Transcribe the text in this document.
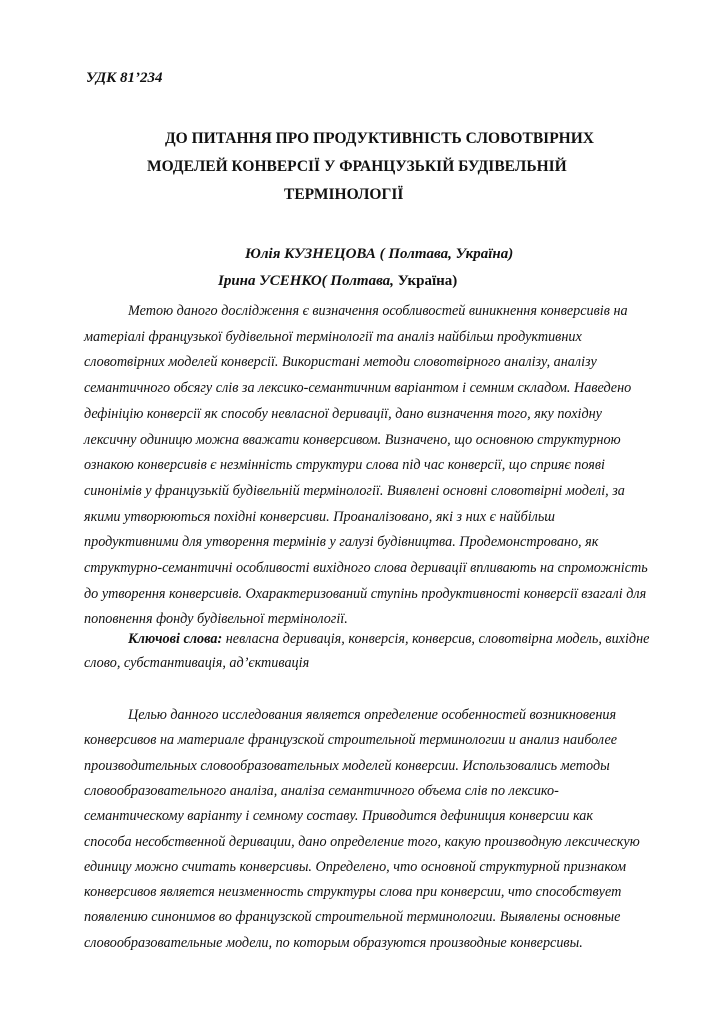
УДК 81’234
ДО ПИТАННЯ ПРО ПРОДУКТИВНІСТЬ СЛОВОТВІРНИХ
МОДЕЛЕЙ КОНВЕРСІЇ У ФРАНЦУЗЬКІЙ БУДІВЕЛЬНІЙ
ТЕРМІНОЛОГІЇ
Юлія КУЗНЕЦОВА ( Полтава, Україна)
Ірина УСЕНКО( Полтава, Україна)
Метою даного дослідження є визначення особливостей виникнення конверсивів на
матеріалі французької будівельної термінології та аналіз найбільш продуктивних
словотвірних моделей конверсії. Використані методи словотвірного аналізу, аналізу
семантичного обсягу слів за лексико-семантичним варіантом і семним складом. Наведено
дефініцію конверсії як способу невласної деривації, дано визначення того, яку похідну
лексичну одиницю можна вважати конверсивом. Визначено, що основною структурною
ознакою конверсивів є незмінність структури слова під час конверсії, що сприяє появі
синонімів у французькій будівельній термінології. Виявлені основні словотвірні моделі, за
якими утворюються похідні конверсиви. Проаналізовано, які з них є найбільш
продуктивними для утворення термінів у галузі будівництва. Продемонстровано, як
структурно-семантичні особливості вихідного слова деривації впливають на спроможність
до утворення конверсивів. Охарактеризований ступінь продуктивності конверсії взагалі для
поповнення фонду будівельної термінології.
Ключові слова: невласна деривація, конверсія, конверсив, словотвірна модель, вихідне
слово, субстантивація, ад’єктивація
Целью данного исследования является определение особенностей возникновения
конверсивов на материале французской строительной терминологии и анализ наиболее
производительных словообразовательных моделей конверсии. Использовались методы
словообразовательного аналіза, аналіза семантичного объема слів по лексико-
семантическому варіанту і семному составу. Приводится дефиниция конверсии как
способа несобственной деривации, дано определение того, какую производную лексическую
единицу можно считать конверсивы. Определено, что основной структурной признаком
конверсивов является неизменность структуры слова при конверсии, что способствует
появлению синонимов во французской строительной терминологии. Выявлены основные
словообразовательные модели, по которым образуются производные конверсивы.
